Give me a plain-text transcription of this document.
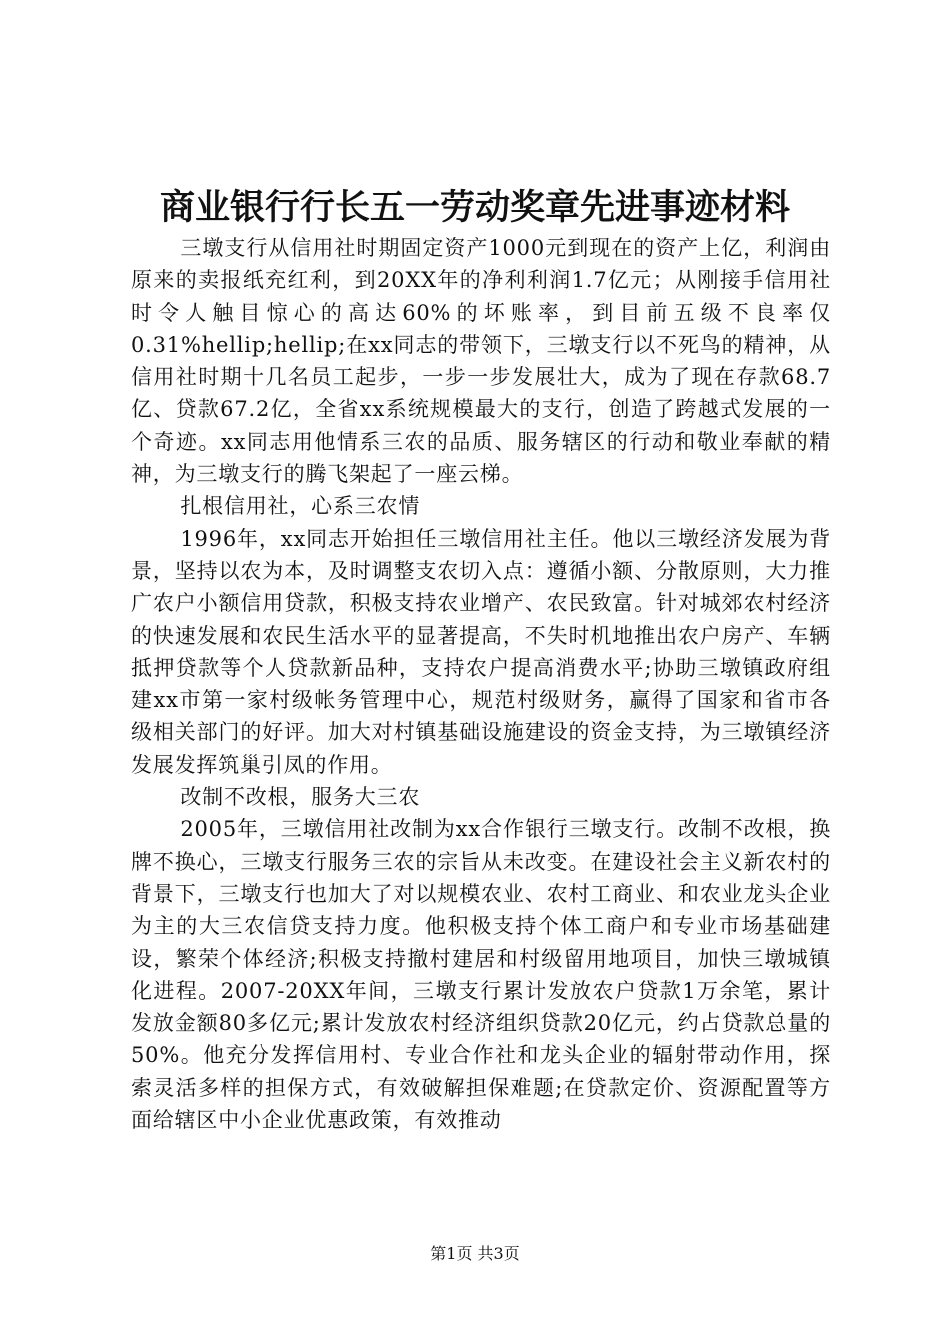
商业银行行长五一劳动奖章先进事迹材料

三墩支行从信用社时期固定资产1000元到现在的资产上亿，利润由原来的卖报纸充红利，到20XX年的净利利润1.7亿元；从刚接手信用社时令人触目惊心的高达60%的坏账率，到目前五级不良率仅0.31%hellip;hellip;在xx同志的带领下，三墩支行以不死鸟的精神，从信用社时期十几名员工起步，一步一步发展壮大，成为了现在存款68.7亿、贷款67.2亿，全省xx系统规模最大的支行，创造了跨越式发展的一个奇迹。xx同志用他情系三农的品质、服务辖区的行动和敬业奉献的精神，为三墩支行的腾飞架起了一座云梯。

扎根信用社，心系三农情

1996年，xx同志开始担任三墩信用社主任。他以三墩经济发展为背景，坚持以农为本，及时调整支农切入点：遵循小额、分散原则，大力推广农户小额信用贷款，积极支持农业增产、农民致富。针对城郊农村经济的快速发展和农民生活水平的显著提高，不失时机地推出农户房产、车辆抵押贷款等个人贷款新品种，支持农户提高消费水平;协助三墩镇政府组建xx市第一家村级帐务管理中心，规范村级财务，赢得了国家和省市各级相关部门的好评。加大对村镇基础设施建设的资金支持，为三墩镇经济发展发挥筑巢引凤的作用。

改制不改根，服务大三农

2005年，三墩信用社改制为xx合作银行三墩支行。改制不改根，换牌不换心，三墩支行服务三农的宗旨从未改变。在建设社会主义新农村的背景下，三墩支行也加大了对以规模农业、农村工商业、和农业龙头企业为主的大三农信贷支持力度。他积极支持个体工商户和专业市场基础建设，繁荣个体经济;积极支持撤村建居和村级留用地项目，加快三墩城镇化进程。2007-20XX年间，三墩支行累计发放农户贷款1万余笔，累计发放金额80多亿元;累计发放农村经济组织贷款20亿元，约占贷款总量的50%。他充分发挥信用村、专业合作社和龙头企业的辐射带动作用，探索灵活多样的担保方式，有效破解担保难题;在贷款定价、资源配置等方面给辖区中小企业优惠政策，有效推动

第1页 共3页
